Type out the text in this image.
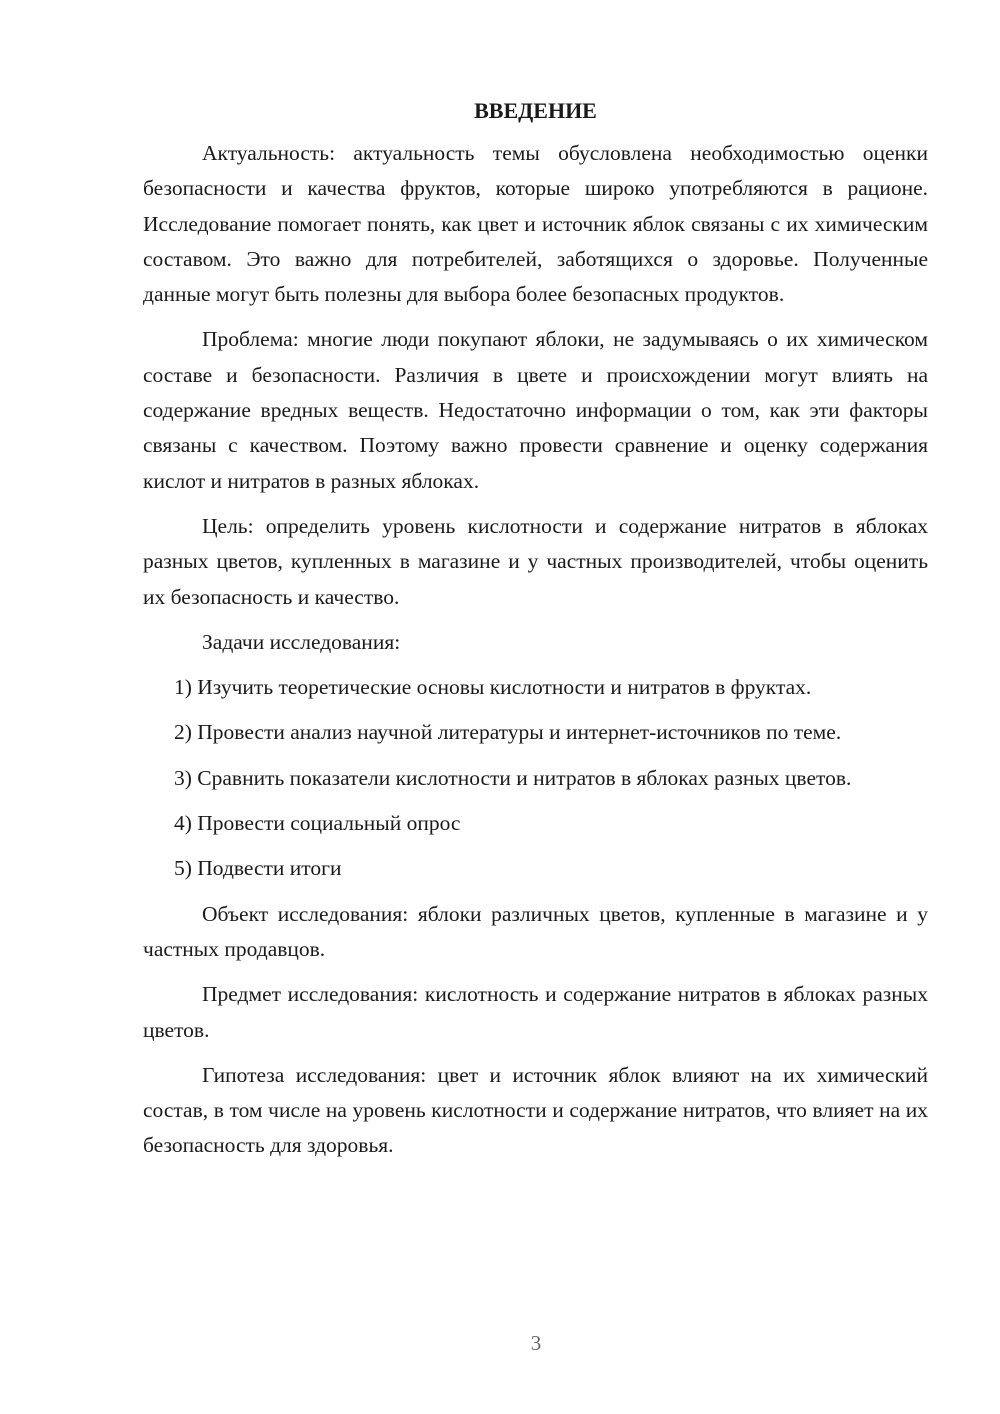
ВВЕДЕНИЕ

Актуальность: актуальность темы обусловлена необходимостью оценки безопасности и качества фруктов, которые широко употребляются в рационе. Исследование помогает понять, как цвет и источник яблок связаны с их химическим составом. Это важно для потребителей, заботящихся о здоровье. Полученные данные могут быть полезны для выбора более безопасных продуктов.

Проблема: многие люди покупают яблоки, не задумываясь о их химическом составе и безопасности. Различия в цвете и происхождении могут влиять на содержание вредных веществ. Недостаточно информации о том, как эти факторы связаны с качеством. Поэтому важно провести сравнение и оценку содержания кислот и нитратов в разных яблоках.

Цель: определить уровень кислотности и содержание нитратов в яблоках разных цветов, купленных в магазине и у частных производителей, чтобы оценить их безопасность и качество.

Задачи исследования:

1) Изучить теоретические основы кислотности и нитратов в фруктах.

2) Провести анализ научной литературы и интернет-источников по теме.

3) Сравнить показатели кислотности и нитратов в яблоках разных цветов.

4) Провести социальный опрос

5) Подвести итоги

Объект исследования: яблоки различных цветов, купленные в магазине и у частных продавцов.

Предмет исследования: кислотность и содержание нитратов в яблоках разных цветов.

Гипотеза исследования: цвет и источник яблок влияют на их химический состав, в том числе на уровень кислотности и содержание нитратов, что влияет на их безопасность для здоровья.

3
